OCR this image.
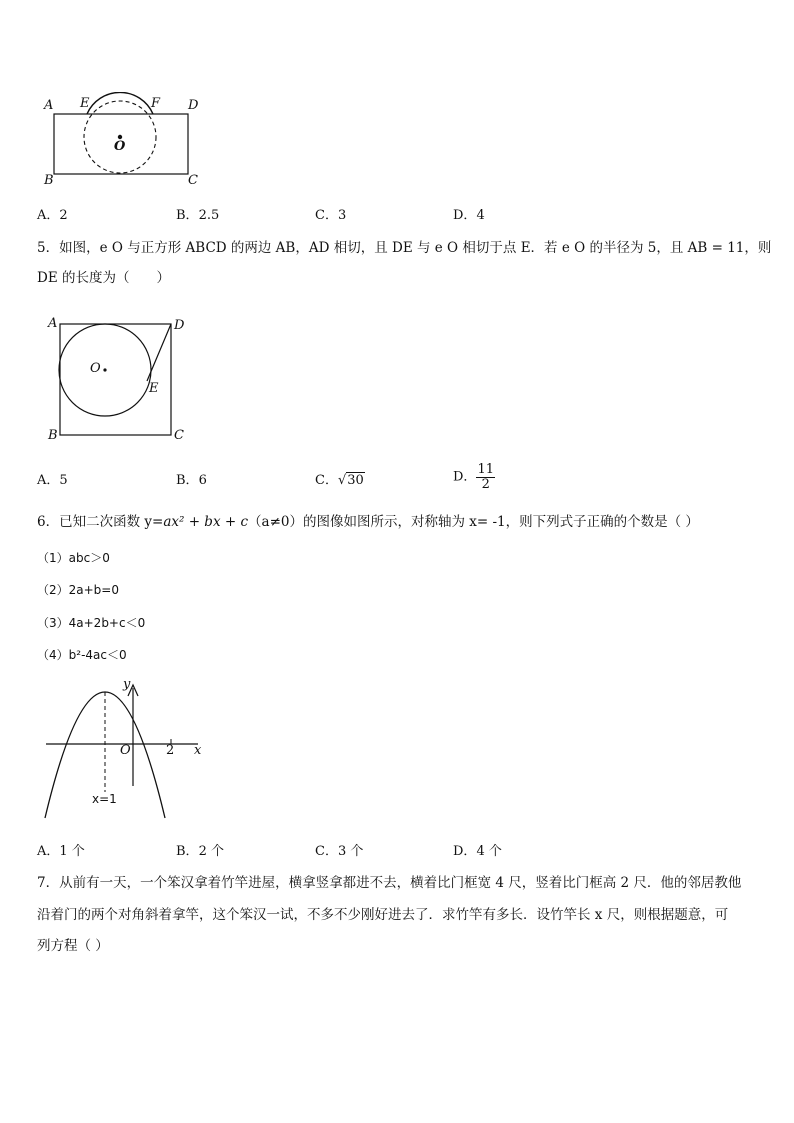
A E	F D
O
B	C
A．2	B．2.5	C．3	D．4
5．如图，e O 与正方形 ABCD 的两边 AB，AD 相切，且 DE 与 e O 相切于点 E．若 e O 的半径为 5，且 AB = 11，则
DE 的长度为（　　）
A	D
O
E
B	C
A．5	B．6	C．√30	D． $\frac{11}{2}$
6．已知二次函数 y=ax² + bx + c（a≠0）的图像如图所示，对称轴为 x= -1，则下列式子正确的个数是（ ）
（1）abc＞0
（2）2a+b=0
（3）4a+2b+c＜0
（4）b²-4ac＜0
y
O	2 x
x=1
A．1 个	B．2 个	C．3 个	D．4 个
7．从前有一天，一个笨汉拿着竹竿进屋，横拿竖拿都进不去，横着比门框宽 4 尺，竖着比门框高 2 尺．他的邻居教他
沿着门的两个对角斜着拿竿，这个笨汉一试，不多不少刚好进去了．求竹竿有多长．设竹竿长 x 尺，则根据题意，可
列方程（ ）
